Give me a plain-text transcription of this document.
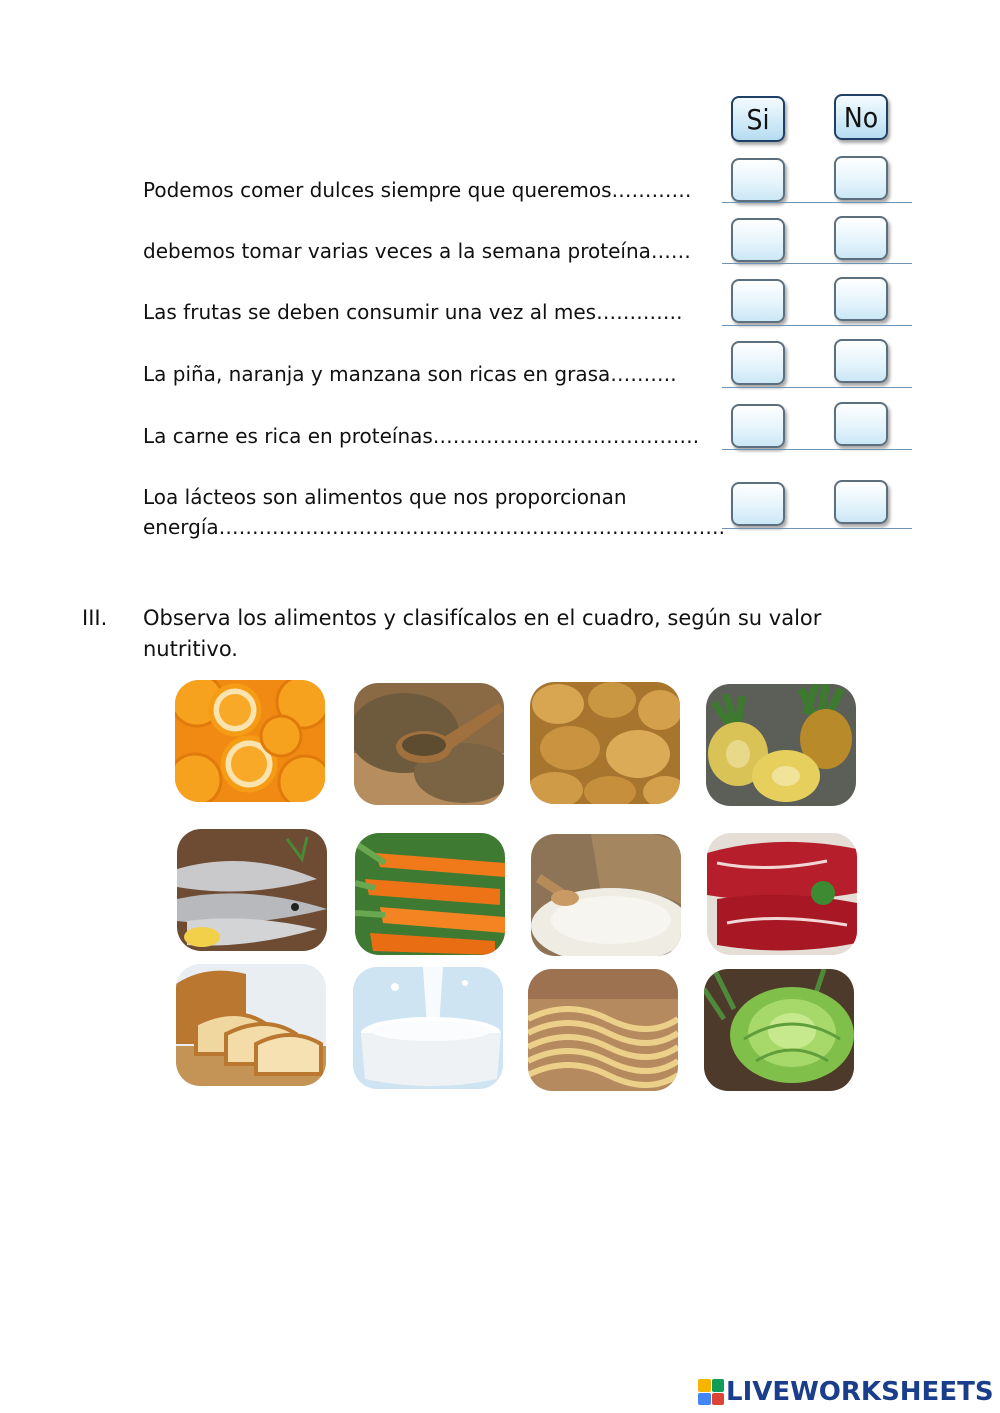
Si	No
Podemos comer dulces siempre que queremos…………
debemos tomar varias veces a la semana proteína……
Las frutas se deben consumir una vez al mes………….
La piña, naranja y manzana son ricas en grasa……….
La carne es rica en proteínas………………………………….
Loa lácteos son alimentos que nos proporcionan energía………………………………………………………………….
III. Observa los alimentos y clasifícalos en el cuadro, según su valor nutritivo.
LIVEWORKSHEETS
